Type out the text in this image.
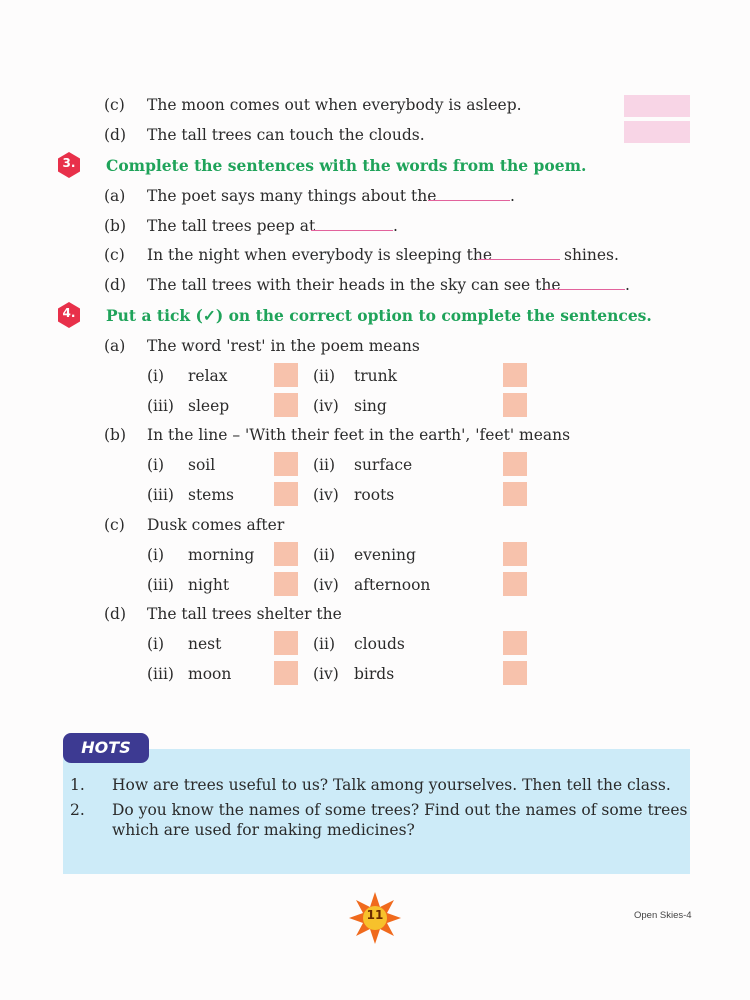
(c) The moon comes out when everybody is asleep.
(d) The tall trees can touch the clouds.
3.	Complete the sentences with the words from the poem.
(a) The poet says many things about the	.
(b) The tall trees peep at	.
(c) In the night when everybody is sleeping the	shines.
(d) The tall trees with their heads in the sky can see the	.
4.	Put a tick (✓) on the correct option to complete the sentences.
(a) The word 'rest' in the poem means
(i) relax	(ii) trunk
(iii) sleep	(iv) sing
(b) In the line – 'With their feet in the earth', 'feet' means
(i) soil	(ii) surface
(iii) stems	(iv) roots
(c) Dusk comes after
(i) morning	(ii) evening
(iii) night	(iv) afternoon
(d) The tall trees shelter the
(i) nest	(ii) clouds
(iii) moon	(iv) birds
HOTS
1. How are trees useful to us? Talk among yourselves. Then tell the class.
2. Do you know the names of some trees? Find out the names of some trees
which are used for making medicines?
11	Open Skies-4
